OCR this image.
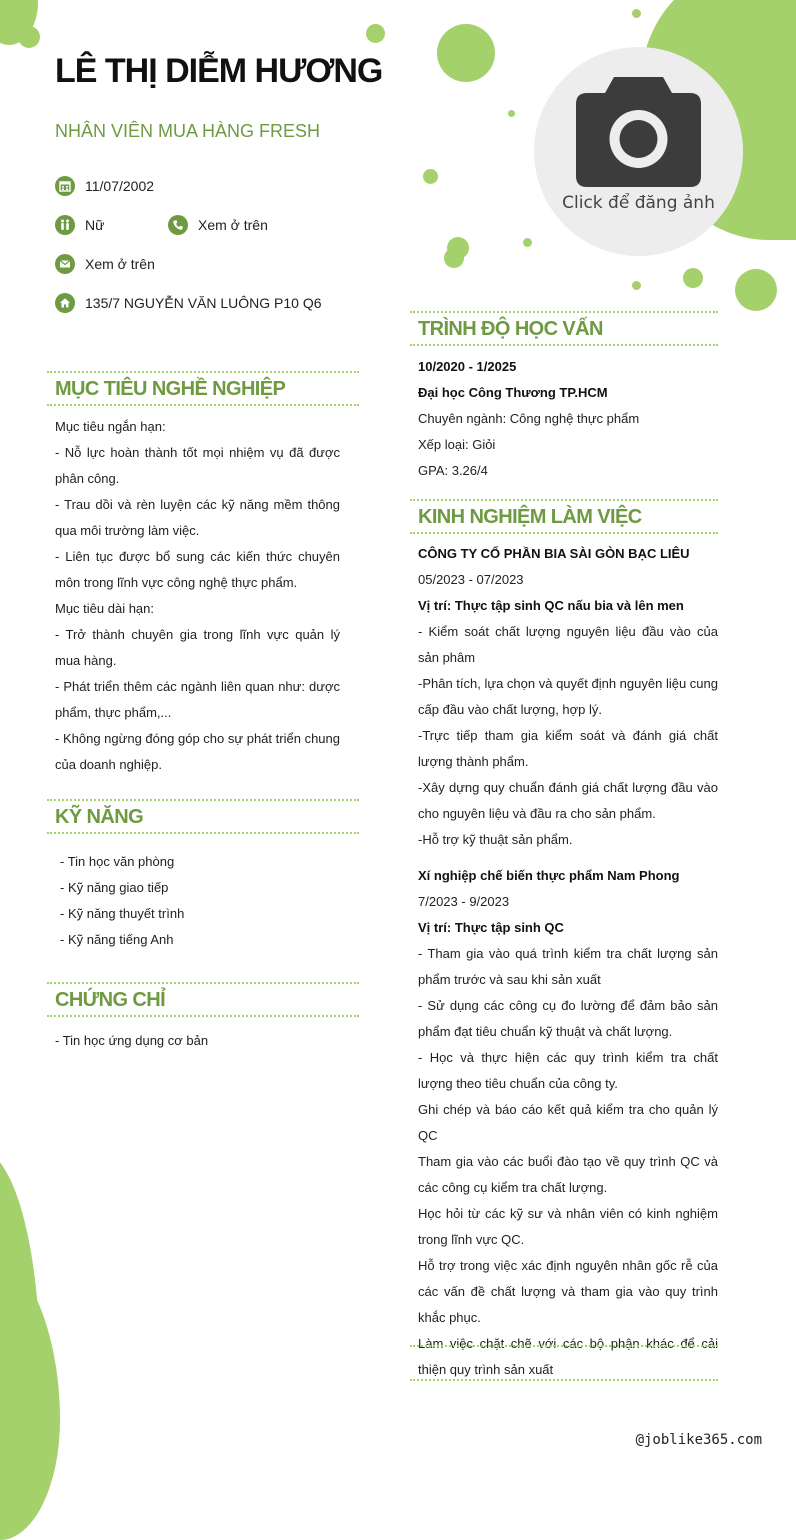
LÊ THỊ DIỄM HƯƠNG

NHÂN VIÊN MUA HÀNG FRESH

11/07/2002
Nữ	Xem ở trên
Xem ở trên
135/7 NGUYỄN VĂN LUÔNG P10 Q6
Click để đăng ảnh
MỤC TIÊU NGHỀ NGHIỆP

Mục tiêu ngắn hạn:

- Nỗ lực hoàn thành tốt mọi nhiệm vụ đã được phân công.

- Trau dồi và rèn luyện các kỹ năng mềm thông qua môi trường làm việc.

- Liên tục được bổ sung các kiến thức chuyên môn trong lĩnh vực công nghệ thực phẩm.

Mục tiêu dài hạn:

- Trở thành chuyên gia trong lĩnh vực quản lý mua hàng.

- Phát triển thêm các ngành liên quan như: dược phẩm, thực phẩm,...

- Không ngừng đóng góp cho sự phát triển chung của doanh nghiệp.

KỸ NĂNG

- Tin học văn phòng

- Kỹ năng giao tiếp

- Kỹ năng thuyết trình

- Kỹ năng tiếng Anh

CHỨNG CHỈ

- Tin học ứng dụng cơ bản

TRÌNH ĐỘ HỌC VẤN

10/2020 - 1/2025

Đại học Công Thương TP.HCM

Chuyên ngành: Công nghệ thực phẩm

Xếp loại: Giỏi

GPA: 3.26/4

KINH NGHIỆM LÀM VIỆC

CÔNG TY CỔ PHẦN BIA SÀI GÒN BẠC LIÊU

05/2023 - 07/2023

Vị trí: Thực tập sinh QC nấu bia và lên men

- Kiểm soát chất lượng nguyên liệu đầu vào của sản phâm

-Phân tích, lựa chọn và quyết định nguyên liệu cung cấp đầu vào chất lượng, hợp lý.

-Trực tiếp tham gia kiểm soát và đánh giá chất lượng thành phẩm.

-Xây dựng quy chuẩn đánh giá chất lượng đầu vào cho nguyên liệu và đầu ra cho sản phẩm.

-Hỗ trợ kỹ thuật sản phẩm.

Xí nghiệp chế biến thực phẩm Nam Phong

7/2023 - 9/2023

Vị trí: Thực tập sinh QC

- Tham gia vào quá trình kiểm tra chất lượng sản phẩm trước và sau khi sản xuất

- Sử dụng các công cụ đo lường để đảm bảo sản phẩm đạt tiêu chuẩn kỹ thuật và chất lượng.

- Học và thực hiện các quy trình kiểm tra chất lượng theo tiêu chuẩn của công ty.

Ghi chép và báo cáo kết quả kiểm tra cho quản lý QC

Tham gia vào các buổi đào tạo về quy trình QC và các công cụ kiểm tra chất lượng.

Học hỏi từ các kỹ sư và nhân viên có kinh nghiệm trong lĩnh vực QC.

Hỗ trợ trong việc xác định nguyên nhân gốc rễ của các vấn đề chất lượng và tham gia vào quy trình khắc phục.

Làm việc chặt chẽ với các bộ phận khác để cải thiện quy trình sản xuất

@joblike365.com
